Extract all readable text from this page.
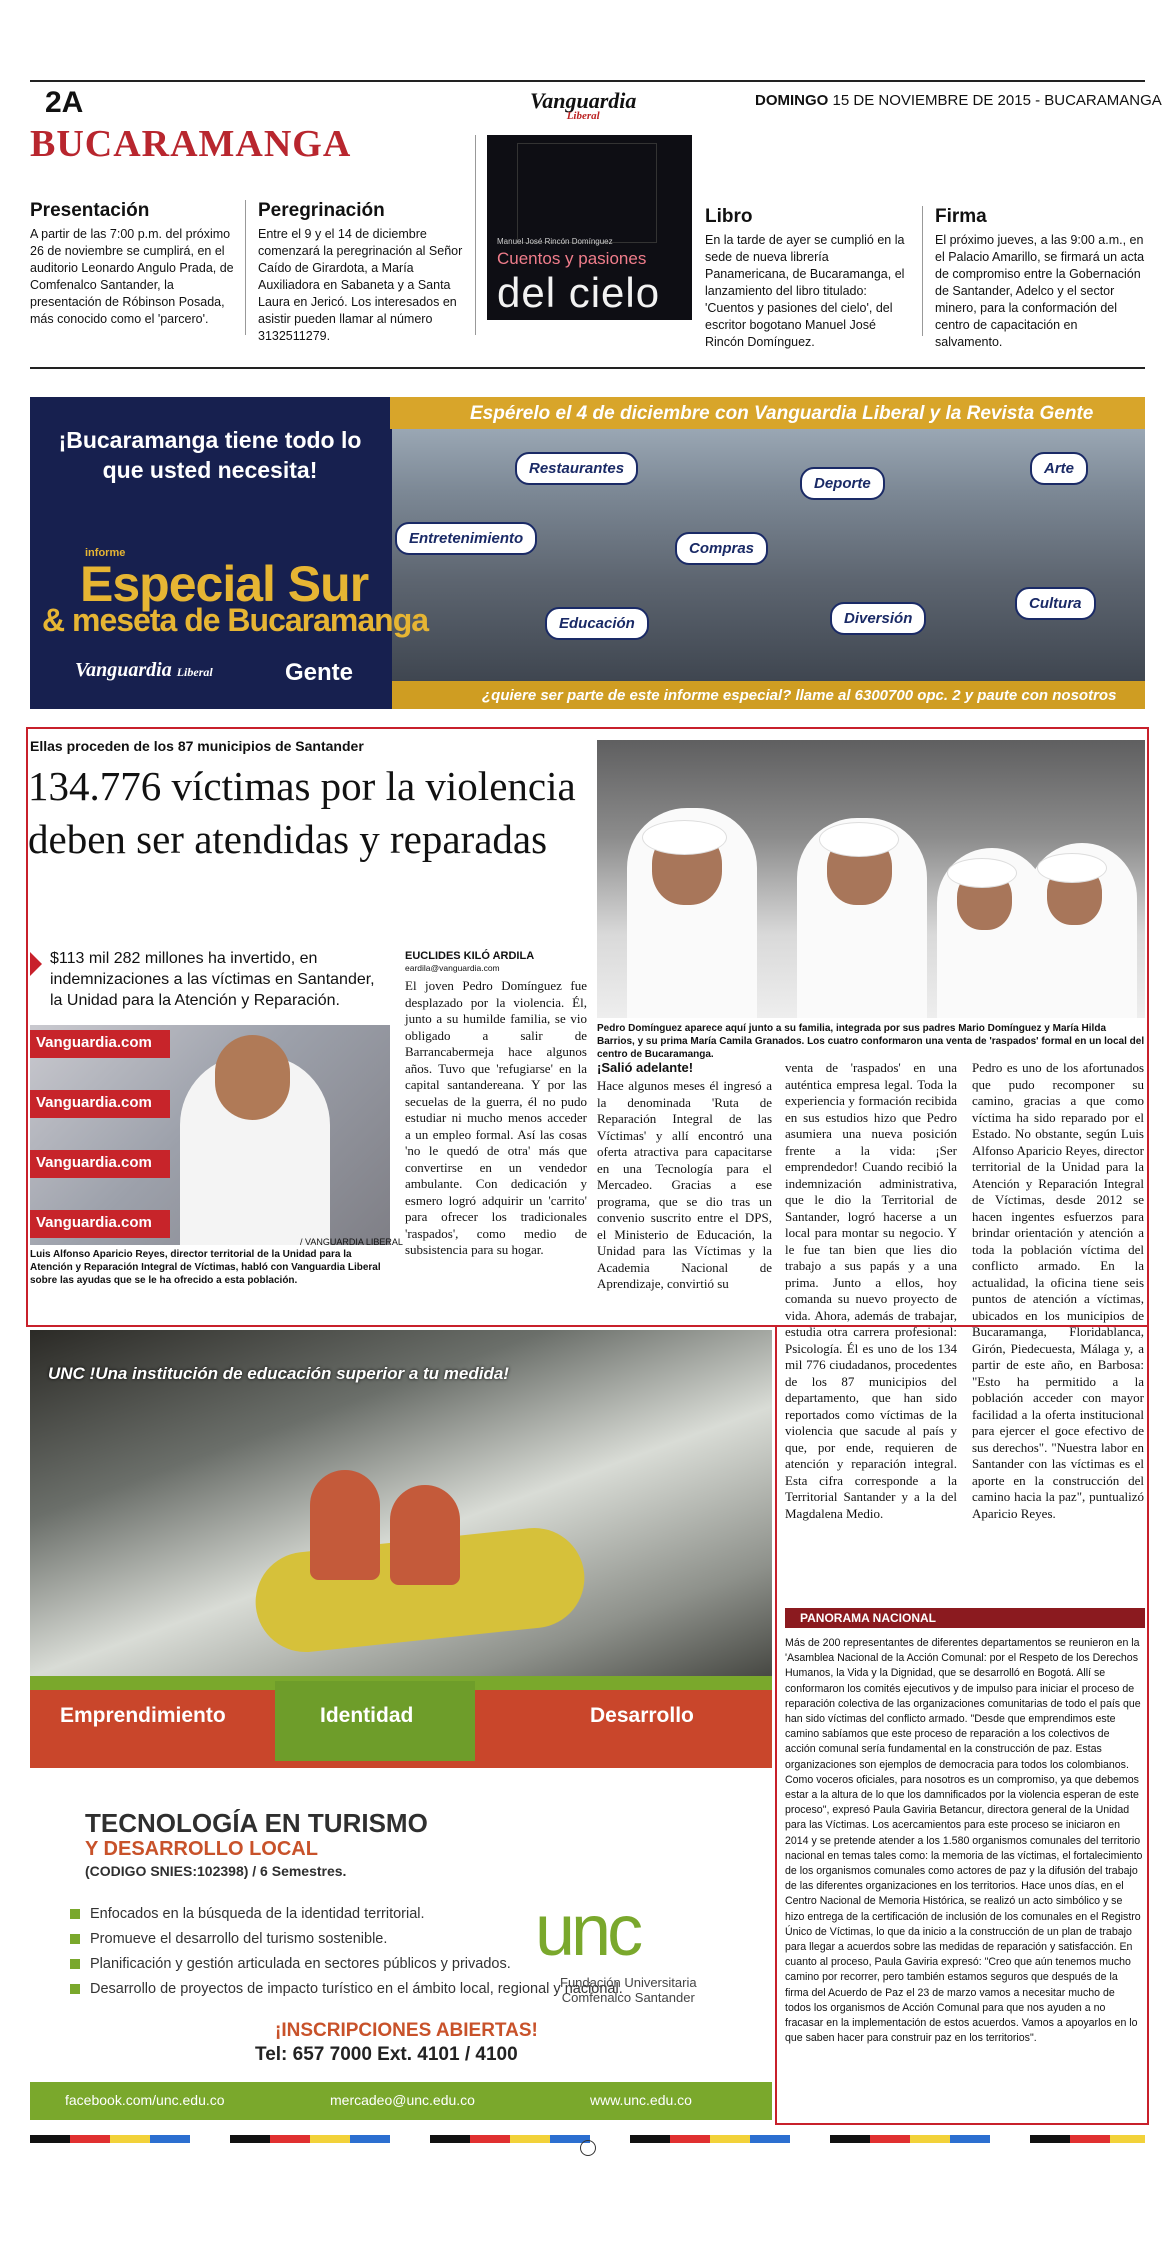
2A	Vanguardia
Liberal
DOMINGO 15 DE NOVIEMBRE DE 2015 - BUCARAMANGA
BUCARAMANGA
Presentación

A partir de las 7:00 p.m. del próximo 26 de noviembre se cumplirá, en el auditorio Leonardo Angulo Prada, de Comfenalco Santander, la presentación de Róbinson Posada, más conocido como el 'parcero'.

Peregrinación

Entre el 9 y el 14 de diciembre comenzará la peregrinación al Señor Caído de Girardota, a María Auxiliadora en Sabaneta y a Santa Laura en Jericó. Los interesados en asistir pueden llamar al número 3132511279.

Manuel José Rincón Domínguez
Cuentos y pasiones
del cielo
Libro

En la tarde de ayer se cumplió en la sede de nueva librería Panamericana, de Bucaramanga, el lanzamiento del libro titulado: 'Cuentos y pasiones del cielo', del escritor bogotano Manuel José Rincón Domínguez.

Firma

El próximo jueves, a las 9:00 a.m., en el Palacio Amarillo, se firmará un acta de compromiso entre la Gobernación de Santander, Adelco y el sector minero, para la conformación del centro de capacitación en salvamento.

Espérelo el 4 de diciembre con Vanguardia Liberal y la Revista Gente
¡Bucaramanga tiene todo lo que usted necesita!
informe
Especial Sur
& meseta de Bucaramanga
Vanguardia Liberal	Gente
Restaurantes
Deporte
Arte
Entretenimiento
Compras
Cultura
Educación	Diversión
¿quiere ser parte de este informe especial? llame al 6300700 opc. 2 y paute con nosotros
Ellas proceden de los 87 municipios de Santander
134.776 víctimas por la violencia deben ser atendidas y reparadas
$113 mil 282 millones ha invertido, en indemnizaciones a las víctimas en Santander, la Unidad para la Atención y Reparación.
Vanguardia.com
Vanguardia.com
Vanguardia.com
Vanguardia.com
/ VANGUARDIA LIBERAL
Luis Alfonso Aparicio Reyes, director territorial de la Unidad para la Atención y Reparación Integral de Víctimas, habló con Vanguardia Liberal sobre las ayudas que se le ha ofrecido a esta población.
EUCLIDES KILÓ ARDILA
eardila@vanguardia.com
El joven Pedro Domínguez fue desplazado por la violencia. Él, junto a su humilde familia, se vio obligado a salir de Barrancabermeja hace algunos años. Tuvo que 'refugiarse' en la capital santandereana. Y por las secuelas de la guerra, él no pudo estudiar ni mucho menos acceder a un empleo formal. Así las cosas 'no le quedó de otra' más que convertirse en un vendedor ambulante. Con dedicación y esmero logró adquirir un 'carrito' para ofrecer los tradicionales 'raspados', como medio de subsistencia para su hogar.
Pedro Domínguez aparece aquí junto a su familia, integrada por sus padres Mario Domínguez y María Hilda Barrios, y su prima María Camila Granados. Los cuatro conformaron una venta de 'raspados' formal en un local del centro de Bucaramanga.
¡Salió adelante!

Hace algunos meses él ingresó a la denominada 'Ruta de Reparación Integral de las Víctimas' y allí encontró una oferta atractiva para capacitarse en una Tecnología para el Mercadeo. Gracias a ese programa, que se dio tras un convenio suscrito entre el DPS, el Ministerio de Educación, la Unidad para las Víctimas y la Academia Nacional de Aprendizaje, convirtió su

venta de 'raspados' en una auténtica empresa legal. Toda la experiencia y formación recibida en sus estudios hizo que Pedro asumiera una nueva posición frente a la vida: ¡Ser emprendedor! Cuando recibió la indemnización administrativa, que le dio la Territorial de Santander, logró hacerse a un local para montar su negocio. Y le fue tan bien que lies dio trabajo a sus papás y a una prima. Junto a ellos, hoy comanda su nuevo proyecto de vida. Ahora, además de trabajar, estudia otra carrera profesional: Psicología. Él es uno de los 134 mil 776 ciudadanos, procedentes de los 87 municipios del departamento, que han sido reportados como víctimas de la violencia que sacude al país y que, por ende, requieren de atención y reparación integral. Esta cifra corresponde a la Territorial Santander y a la del Magdalena Medio.
Pedro es uno de los afortunados que pudo recomponer su camino, gracias a que como víctima ha sido reparado por el Estado. No obstante, según Luis Alfonso Aparicio Reyes, director territorial de la Unidad para la Atención y Reparación Integral de Víctimas, desde 2012 se hacen ingentes esfuerzos para brindar orientación y atención a toda la población víctima del conflicto armado. En la actualidad, la oficina tiene seis puntos de atención a víctimas, ubicados en los municipios de Bucaramanga, Floridablanca, Girón, Piedecuesta, Málaga y, a partir de este año, en Barbosa: "Esto ha permitido a la población acceder con mayor facilidad a la oferta institucional para ejercer el goce efectivo de sus derechos". "Nuestra labor en Santander con las víctimas es el aporte en la construcción del camino hacia la paz", puntualizó Aparicio Reyes.
PANORAMA NACIONAL
Más de 200 representantes de diferentes departamentos se reunieron en la 'Asamblea Nacional de la Acción Comunal: por el Respeto de los Derechos Humanos, la Vida y la Dignidad, que se desarrolló en Bogotá. Allí se conformaron los comités ejecutivos y de impulso para iniciar el proceso de reparación colectiva de las organizaciones comunitarias de todo el país que han sido víctimas del conflicto armado. "Desde que emprendimos este camino sabíamos que este proceso de reparación a los colectivos de acción comunal sería fundamental en la construcción de paz. Estas organizaciones son ejemplos de democracia para todos los colombianos. Como voceros oficiales, para nosotros es un compromiso, ya que debemos estar a la altura de lo que los damnificados por la violencia esperan de este proceso", expresó Paula Gaviria Betancur, directora general de la Unidad para las Víctimas. Los acercamientos para este proceso se iniciaron en 2014 y se pretende atender a los 1.580 organismos comunales del territorio nacional en temas tales como: la memoria de las víctimas, el fortalecimiento de los organismos comunales como actores de paz y la difusión del trabajo de las diferentes organizaciones en los territorios. Hace unos días, en el Centro Nacional de Memoria Histórica, se realizó un acto simbólico y se hizo entrega de la certificación de inclusión de los comunales en el Registro Único de Víctimas, lo que da inicio a la construcción de un plan de trabajo para llegar a acuerdos sobre las medidas de reparación y satisfacción. En cuanto al proceso, Paula Gaviria expresó: "Creo que aún tenemos mucho camino por recorrer, pero también estamos seguros que después de la firma del Acuerdo de Paz el 23 de marzo vamos a necesitar mucho de todos los organismos de Acción Comunal para que nos ayuden a no fracasar en la implementación de estos acuerdos. Vamos a apoyarlos en lo que saben hacer para construir paz en los territorios".
UNC !Una institución de educación superior a tu medida!
Emprendimiento	Identidad	Desarrollo
TECNOLOGÍA EN TURISMO
Y DESARROLLO LOCAL
(CODIGO SNIES:102398) / 6 Semestres.
Enfocados en la búsqueda de la identidad territorial.
Promueve el desarrollo del turismo sostenible.
Planificación y gestión articulada en sectores públicos y privados.
Desarrollo de proyectos de impacto turístico en el ámbito local, regional y nacional.
unc
Fundación Universitaria
Comfenalco Santander
¡INSCRIPCIONES ABIERTAS!
Tel: 657 7000 Ext. 4101 / 4100
facebook.com/unc.edu.co	mercadeo@unc.edu.co	www.unc.edu.co
